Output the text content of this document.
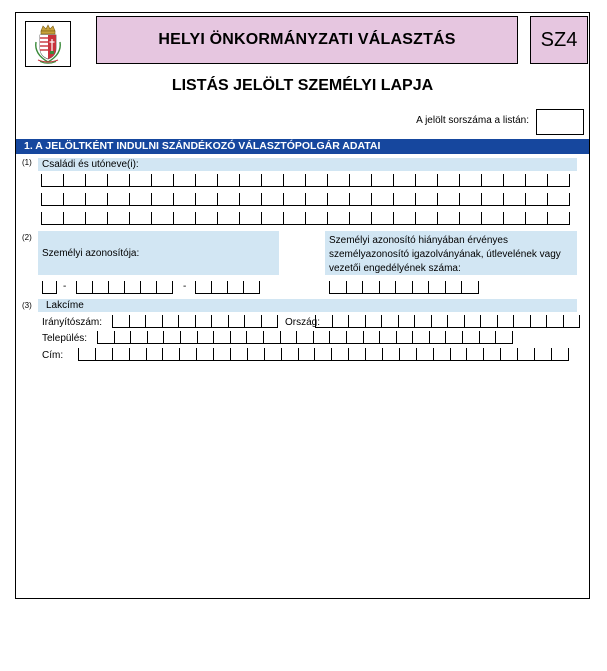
HELYI ÖNKORMÁNYZATI VÁLASZTÁS	SZ4
LISTÁS JELÖLT SZEMÉLYI LAPJA
A jelölt sorszáma a listán:
1. A JELÖLTKÉNT INDULNI SZÁNDÉKOZÓ VÁLASZTÓPOLGÁR ADATAI
(1)	Családi és utóneve(i):
(2)
Személyi azonosítója:
Személyi azonosító hiányában érvényes
személyazonosító igazolványának, útlevelének vagy
vezetői engedélyének száma:
-	-
(3)	Lakcíme
Irányítószám:	Ország:
Település:
Cím:
